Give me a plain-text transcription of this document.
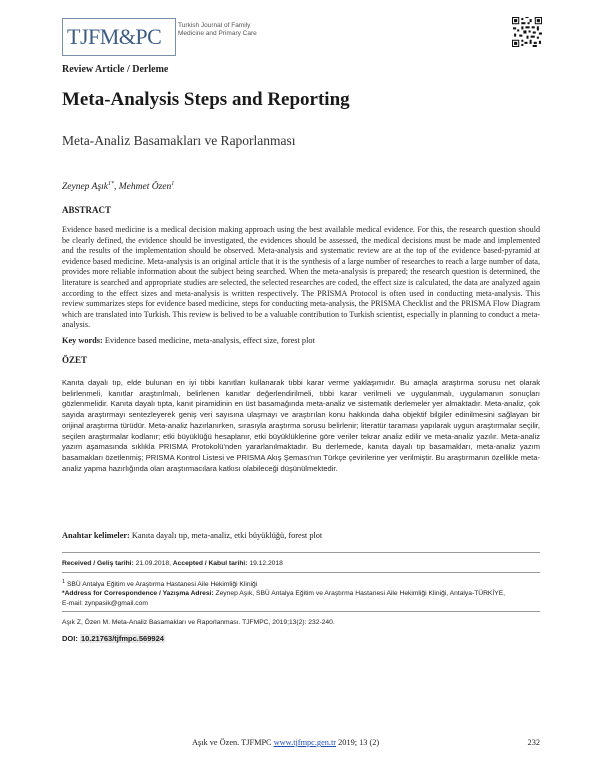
TJFM&PC	Turkish Journal of Family Medicine and Primary Care
Review Article / Derleme
Meta-Analysis Steps and Reporting
Meta-Analiz Basamakları ve Raporlanması
Zeynep Aşık$^{1*}$, Mehmet Özen$^1$
ABSTRACT
Evidence based medicine is a medical decision making approach using the best available medical evidence. For this, the research question should be clearly defined, the evidence should be investigated, the evidences should be assessed, the medical decisions must be made and implemented and the results of the implementation should be observed. Meta-analysis and systematic review are at the top of the evidence based-pyramid at evidence based medicine. Meta-analysis is an original article that it is the synthesis of a large number of researches to reach a large number of data, provides more reliable information about the subject being searched. When the meta-analysis is prepared; the research question is determined, the literature is searched and appropriate studies are selected, the selected researches are coded, the effect size is calculated, the data are analyzed again according to the effect sizes and meta-analysis is written respectively. The PRISMA Protocol is often used in conducting meta-analysis. This review summarizes steps for evidence based medicine, steps for conducting meta-analysis, the PRISMA Checklist and the PRISMA Flow Diagram which are translated into Turkish. This review is belived to be a valuable contribution to Turkish scientist, especially in planning to conduct a meta-analysis.
Key words: Evidence based medicine, meta-analysis, effect size, forest plot
ÖZET
Kanıta dayalı tıp, elde bulunan en iyi tıbbi kanıtları kullanarak tıbbi karar verme yaklaşımıdır. Bu amaçla araştırma sorusu net olarak belirlenmeli, kanıtlar araştırılmalı, belirlenen kanıtlar değerlendirilmeli, tıbbi karar verilmeli ve uygulanmalı, uygulamanın sonuçları gözlenmelidir. Kanıta dayalı tıpta, kanıt piramidinin en üst basamağında meta-analiz ve sistematik derlemeler yer almaktadır. Meta-analiz, çok sayıda araştırmayı sentezleyerek geniş veri sayısına ulaşmayı ve araştırılan konu hakkında daha objektif bilgiler edinilmesini sağlayan bir orijinal araştırma türüdür. Meta-analiz hazırlanırken, sırasıyla araştırma sorusu belirlenir; literatür taraması yapılarak uygun araştırmalar seçilir, seçilen araştırmalar kodlanır; etki büyüklüğü hesaplanır, etki büyüklüklerine göre veriler tekrar analiz edilir ve meta-analiz yazılır. Meta-analiz yazım aşamasında sıklıkla PRISMA Protokolü'nden yararlanılmaktadır. Bu derlemede, kanıta dayalı tıp basamakları, meta-analiz yazım basamakları özetlenmiş; PRISMA Kontrol Listesi ve PRISMA Akış Şeması'nın Türkçe çevirilerine yer verilmiştir. Bu araştırmanın özellikle meta-analiz yapma hazırlığında olan araştırmacılara katkısı olabileceği düşünülmektedir.
Anahtar kelimeler: Kanıta dayalı tıp, meta-analiz, etki büyüklüğü, forest plot
Received / Geliş tarihi: 21.09.2018, Accepted / Kabul tarihi: 19.12.2018
$^1$ SBÜ Antalya Eğitim ve Araştırma Hastanesi Aile Hekimliği Kliniği
*Address for Correspondence / Yazışma Adresi: Zeynep Aşık, SBÜ Antalya Eğitim ve Araştırma Hastanesi Aile Hekimliği Kliniği, Antalya-TÜRKİYE,
E-mail: zynpasik@gmail.com
Aşık Z, Özen M. Meta-Analiz Basamakları ve Raporlanması. TJFMPC, 2019;13(2): 232-240.
DOI: 10.21763/tjfmpc.569924
Aşık ve Özen. TJFMPC www.tjfmpc.gen.tr 2019; 13 (2)	232
